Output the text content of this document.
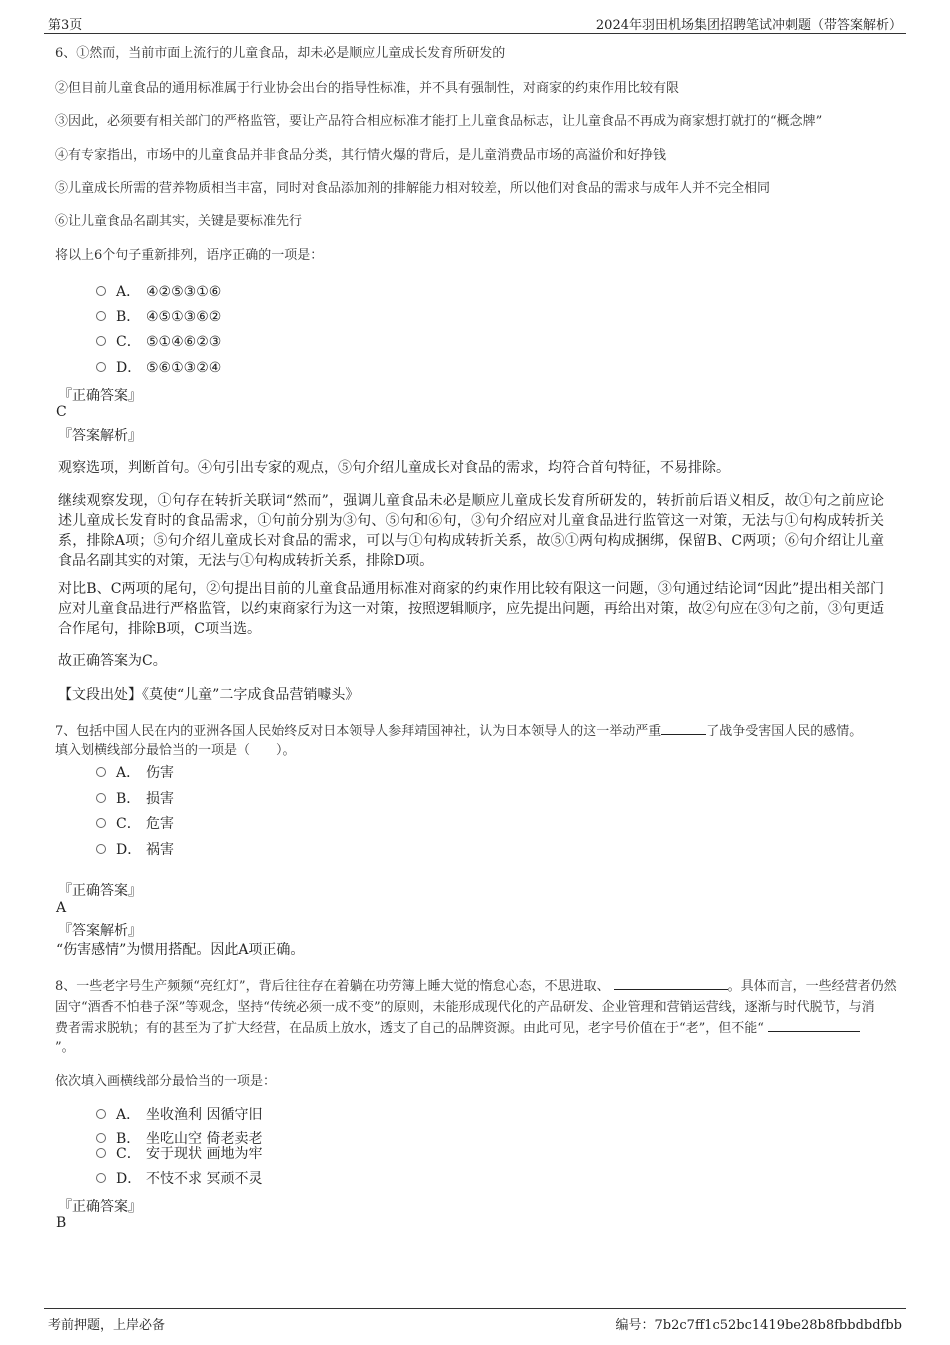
第3页	2024年羽田机场集团招聘笔试冲刺题（带答案解析）
6、①然而，当前市面上流行的儿童食品，却未必是顺应儿童成长发育所研发的
②但目前儿童食品的通用标准属于行业协会出台的指导性标准，并不具有强制性，对商家的约束作用比较有限
③因此，必须要有相关部门的严格监管，要让产品符合相应标准才能打上儿童食品标志，让儿童食品不再成为商家想打就打的“概念牌”
④有专家指出，市场中的儿童食品并非食品分类，其行情火爆的背后，是儿童消费品市场的高溢价和好挣钱
⑤儿童成长所需的营养物质相当丰富，同时对食品添加剂的排解能力相对较差，所以他们对食品的需求与成年人并不完全相同
⑥让儿童食品名副其实，关键是要标准先行
将以上6个句子重新排列，语序正确的一项是：
A． ④②⑤③①⑥
B． ④⑤①③⑥②
C． ⑤①④⑥②③
D． ⑤⑥①③②④
『正确答案』
C
『答案解析』
观察选项，判断首句。④句引出专家的观点，⑤句介绍儿童成长对食品的需求，均符合首句特征，不易排除。
继续观察发现，①句存在转折关联词“然而”，强调儿童食品未必是顺应儿童成长发育所研发的，转折前后语义相反，故①句之前应论述儿童成长发育时的食品需求，①句前分别为③句、⑤句和⑥句，③句介绍应对儿童食品进行监管这一对策，无法与①句构成转折关系，排除A项；⑤句介绍儿童成长对食品的需求，可以与①句构成转折关系，故⑤①两句构成捆绑，保留B、C两项；⑥句介绍让儿童食品名副其实的对策，无法与①句构成转折关系，排除D项。
对比B、C两项的尾句，②句提出目前的儿童食品通用标准对商家的约束作用比较有限这一问题，③句通过结论词“因此”提出相关部门应对儿童食品进行严格监管，以约束商家行为这一对策，按照逻辑顺序，应先提出问题，再给出对策，故②句应在③句之前，③句更适合作尾句，排除B项，C项当选。
故正确答案为C。
【文段出处】《莫使“儿童”二字成食品营销噱头》
7、包括中国人民在内的亚洲各国人民始终反对日本领导人参拜靖国神社，认为日本领导人的这一举动严重	了战争受害国人民的感情。
填入划横线部分最恰当的一项是（　　）。
A． 伤害
B． 损害
C． 危害
D． 祸害
『正确答案』
A
『答案解析』
“伤害感情”为惯用搭配。因此A项正确。
8、一些老字号生产频频“亮红灯”，背后往往存在着躺在功劳簿上睡大觉的惰怠心态，不思进取、	。具体而言，一些经营者仍然
固守“酒香不怕巷子深”等观念，坚持“传统必须一成不变”的原则，未能形成现代化的产品研发、企业管理和营销运营线，逐渐与时代脱节，与消
费者需求脱轨；有的甚至为了扩大经营，在品质上放水，透支了自己的品牌资源。由此可见，老字号价值在于“老”，但不能“
”。
依次填入画横线部分最恰当的一项是：
A． 坐收渔利 因循守旧
B． 坐吃山空 倚老卖老
C． 安于现状 画地为牢
D． 不忮不求 冥顽不灵
『正确答案』
B
考前押题，上岸必备	编号：7b2c7ff1c52bc1419be28b8fbbdbdfbb
